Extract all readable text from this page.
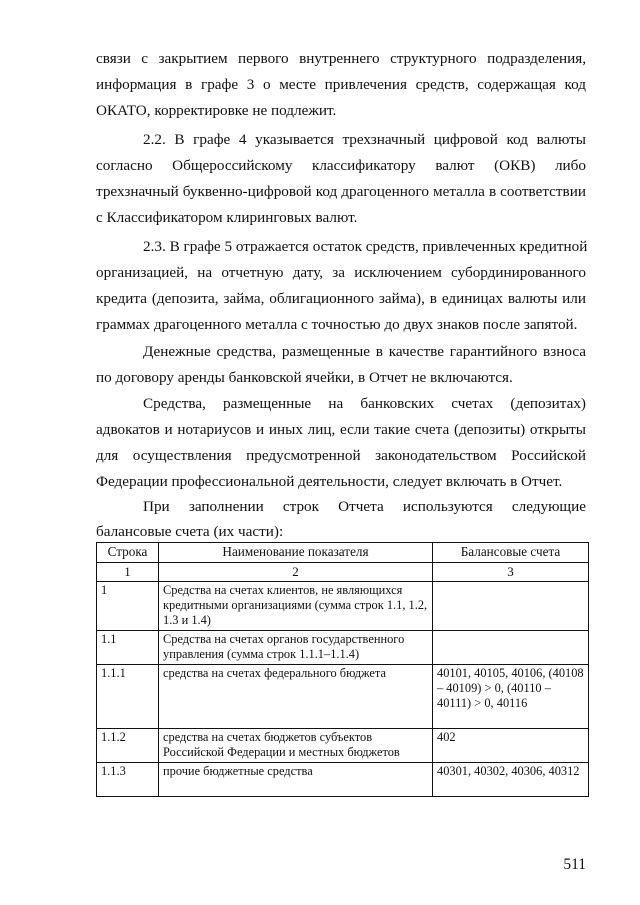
связи с закрытием первого внутреннего структурного подразделения,
информация в графе 3 о месте привлечения средств, содержащая код
ОКАТО, корректировке не подлежит.
2.2. В графе 4 указывается трехзначный цифровой код валюты
согласно Общероссийскому классификатору валют (ОКВ) либо
трехзначный буквенно-цифровой код драгоценного металла в соответствии
с Классификатором клиринговых валют.
2.3. В графе 5 отражается остаток средств, привлеченных кредитной
организацией, на отчетную дату, за исключением субординированного
кредита (депозита, займа, облигационного займа), в единицах валюты или
граммах драгоценного металла с точностью до двух знаков после запятой.
Денежные средства, размещенные в качестве гарантийного взноса
по договору аренды банковской ячейки, в Отчет не включаются.
Средства, размещенные на банковских счетах (депозитах)
адвокатов и нотариусов и иных лиц, если такие счета (депозиты) открыты
для осуществления предусмотренной законодательством Российской
Федерации профессиональной деятельности, следует включать в Отчет.
При заполнении строк Отчета используются следующие
балансовые счета (их части):
Строка	Наименование показателя	Балансовые счета
1	2	3
1	Средства на счетах клиентов, не являющихся кредитными организациями (сумма строк 1.1, 1.2, 1.3 и 1.4)	
1.1	Средства на счетах органов государственного управления (сумма строк 1.1.1–1.1.4)	
1.1.1	средства на счетах федерального бюджета	40101, 40105, 40106, (40108 – 40109) > 0, (40110 – 40111) > 0, 40116
1.1.2	средства на счетах бюджетов субъектов Российской Федерации и местных бюджетов	402
1.1.3	прочие бюджетные средства	40301, 40302, 40306, 40312
511
